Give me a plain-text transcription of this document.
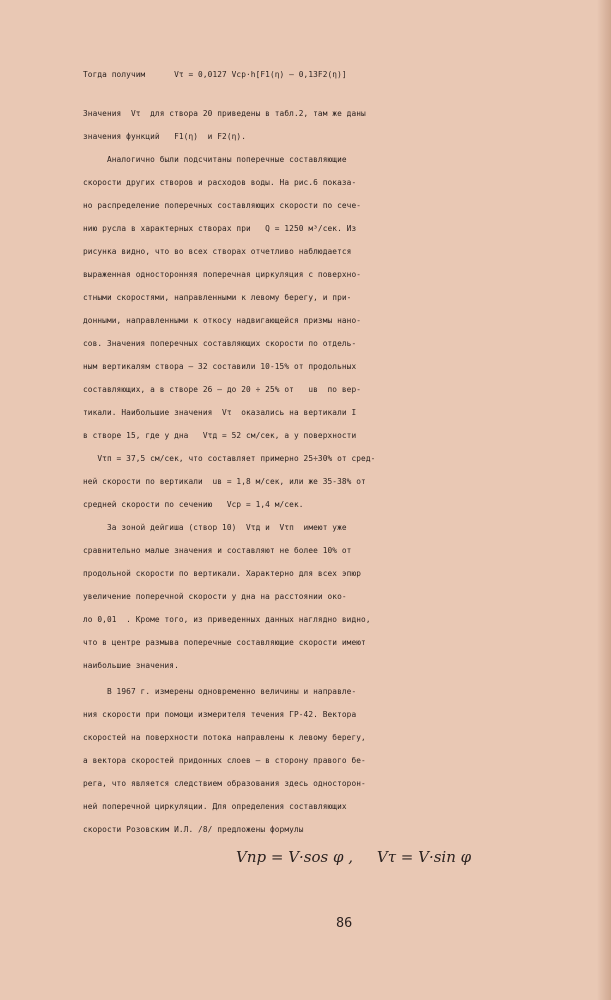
Тогда получим      Vτ = 0,0127 Vср·h[F1(η) – 0,13F2(η)]
Значения  Vτ  для створа 20 приведены в табл.2, там же даны
значения функций   F1(η)  и F2(η).
Аналогично были подсчитаны поперечные составляющие
скорости других створов и расходов воды. На рис.6 показа-
но распределение поперечных составляющих скорости по сече-
нию русла в характерных створах при   Q = 1250 м³/сек. Из
рисунка видно, что во всех створах отчетливо наблюдается
выраженная односторонняя поперечная циркуляция с поверхно-
стными скоростями, направленными к левому берегу, и при-
донными, направленными к откосу надвигающейся призмы нано-
сов. Значения поперечных составляющих скорости по отдель-
ным вертикалям створа – 32 составили 10-15% от продольных
составляющих, а в створе 26 – до 20 ÷ 25% от   uв  по вер-
тикали. Наибольшие значения  Vτ  оказались на вертикали I
в створе 15, где у дна   Vτд = 52 см/сек, а у поверхности
Vτп = 37,5 см/сек, что составляет примерно 25÷30% от сред-
ней скорости по вертикали  uв = 1,8 м/сек, или же 35-38% от
средней скорости по сечению   Vср = 1,4 м/сек.
За зоной дейгиша (створ 10)  Vτд и  Vτп  имеют уже
сравнительно малые значения и составляют не более 10% от
продольной скорости по вертикали. Характерно для всех эпюр
увеличение поперечной скорости у дна на расстоянии око-
ло 0,01  . Кроме того, из приведенных данных наглядно видно,
что в центре размыва поперечные составляющие скорости имеют
наибольшие значения.
В 1967 г. измерены одновременно величины и направле-
ния скорости при помощи измерителя течения ГР-42. Вектора
скоростей на поверхности потока направлены к левому берегу,
а вектора скоростей придонных слоев – в сторону правого бе-
рега, что является следствием образования здесь односторон-
ней поперечной циркуляции. Для определения составляющих
скорости Розовским И.Л. /8/ предложены формулы
Vпр = V·sos φ ,     Vτ = V·sin φ
86
